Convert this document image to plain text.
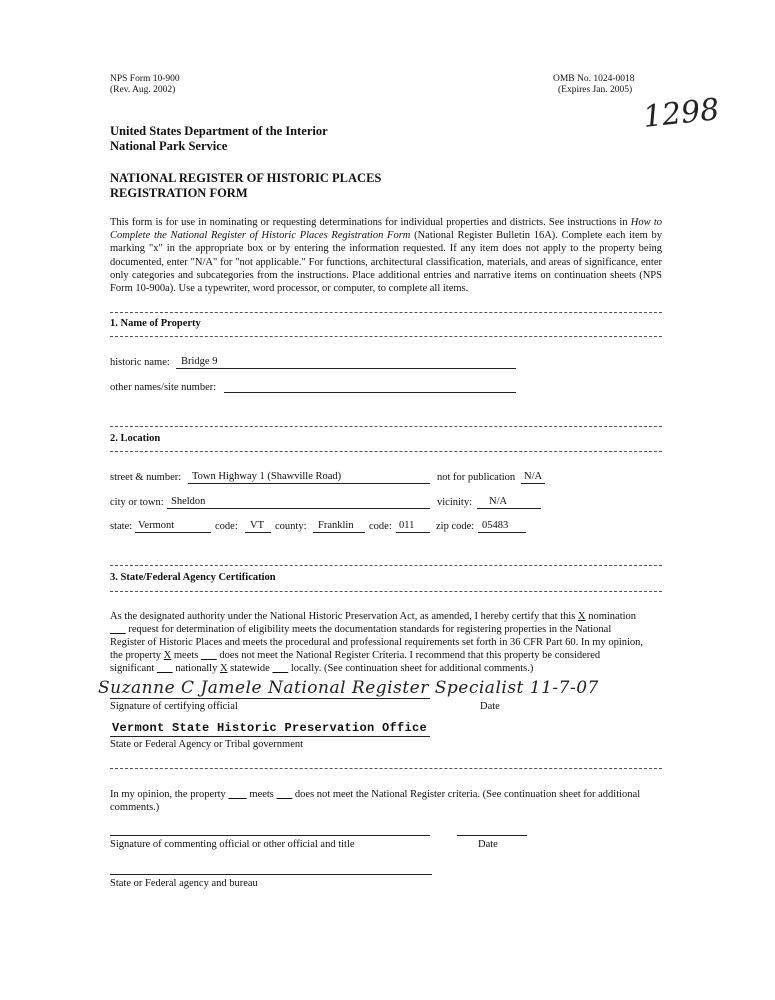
NPS Form 10-900
(Rev. Aug. 2002)
OMB No. 1024-0018
(Expires Jan. 2005)
1298
United States Department of the Interior
National Park Service
NATIONAL REGISTER OF HISTORIC PLACES
REGISTRATION FORM
This form is for use in nominating or requesting determinations for individual properties and districts. See instructions in How to Complete the National Register of Historic Places Registration Form (National Register Bulletin 16A). Complete each item by marking "x" in the appropriate box or by entering the information requested. If any item does not apply to the property being documented, enter "N/A" for "not applicable." For functions, architectural classification, materials, and areas of significance, enter only categories and subcategories from the instructions. Place additional entries and narrative items on continuation sheets (NPS Form 10-900a). Use a typewriter, word processor, or computer, to complete all items.
1. Name of Property
historic name: Bridge 9
other names/site number:
2. Location
street & number: Town Highway 1 (Shawville Road)	not for publication N/A
city or town: Sheldon	vicinity: N/A
state: Vermont	code: VT county: Franklin code: 011 zip code: 05483
3. State/Federal Agency Certification
As the designated authority under the National Historic Preservation Act, as amended, I hereby certify that this X nomination
request for determination of eligibility meets the documentation standards for registering properties in the National
Register of Historic Places and meets the procedural and professional requirements set forth in 36 CFR Part 60. In my opinion,
the property X meets        does not meet the National Register Criteria. I recommend that this property be considered
significant        nationally X statewide        locally. (See continuation sheet for additional comments.)
Suzanne C Jamele National Register Specialist 11-7-07
Signature of certifying official	Date
Vermont State Historic Preservation Office
State or Federal Agency or Tribal government
In my opinion, the property         meets        does not meet the National Register criteria. (See continuation sheet for additional
comments.)
Signature of commenting official or other official and title	Date
State or Federal agency and bureau
